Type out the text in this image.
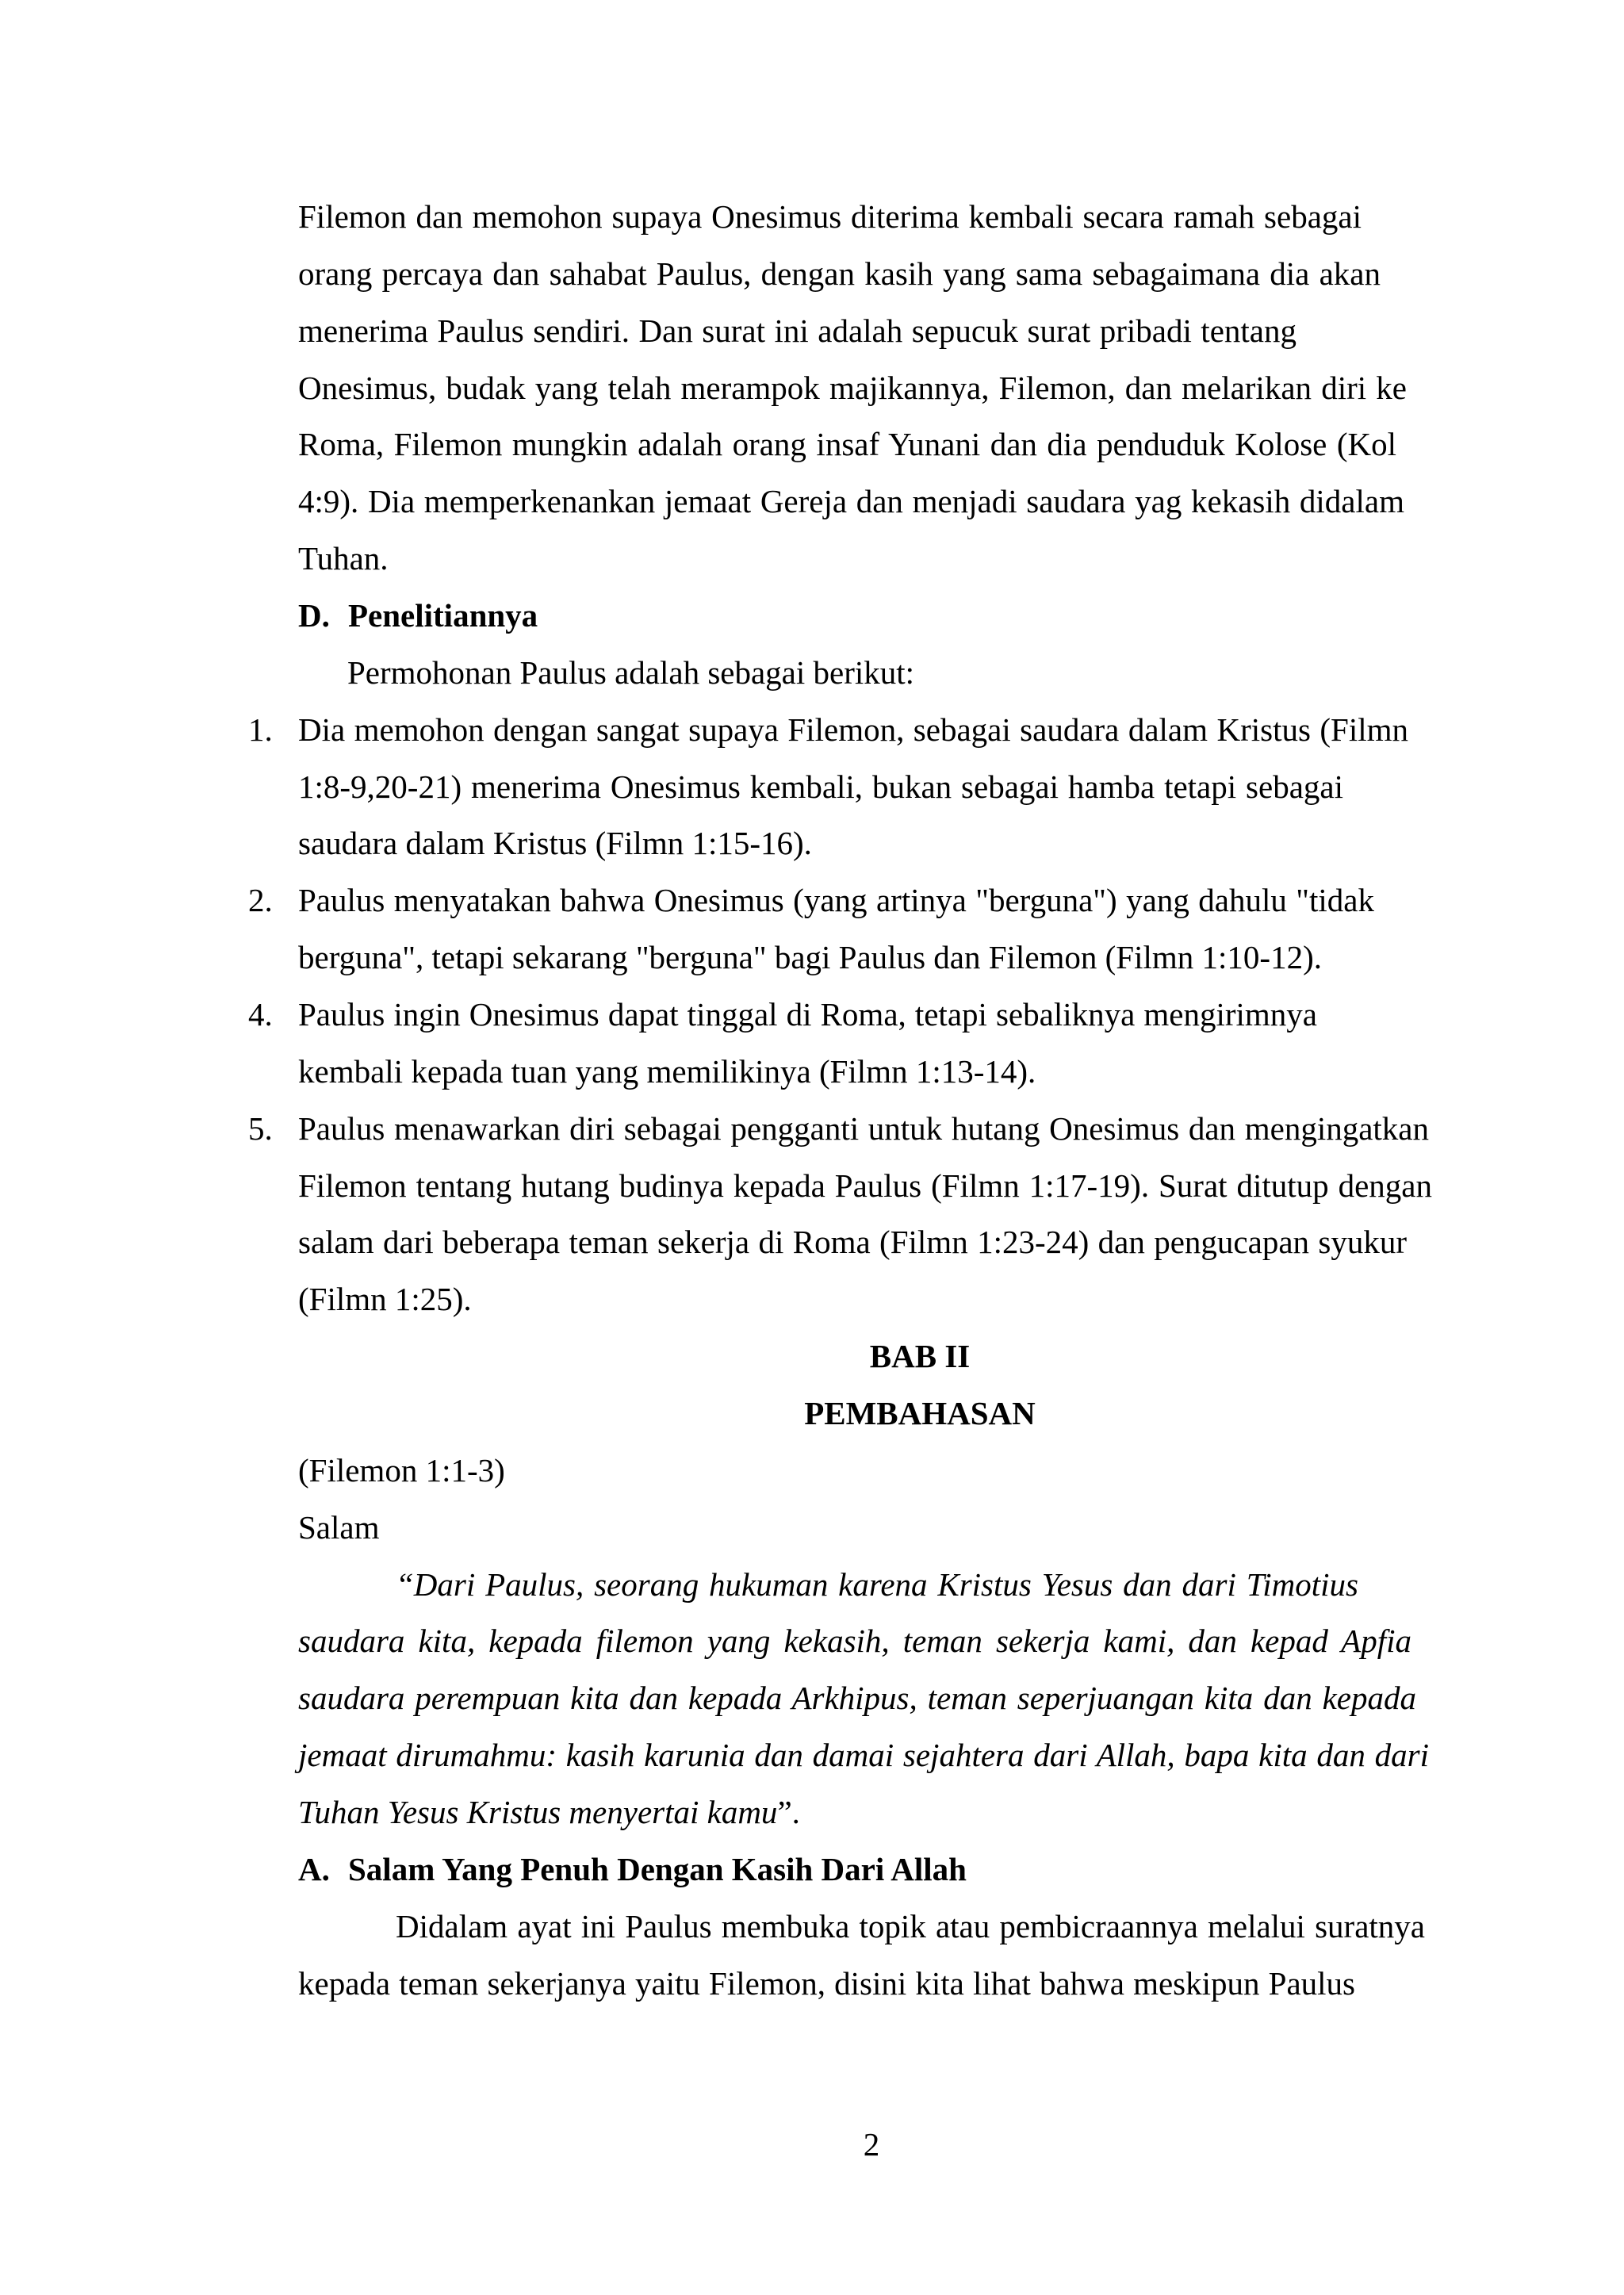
Filemon dan memohon supaya Onesimus diterima kembali secara ramah sebagai
orang percaya dan sahabat Paulus, dengan kasih yang sama sebagaimana dia akan
menerima Paulus sendiri. Dan surat ini adalah sepucuk surat pribadi tentang
Onesimus, budak yang telah merampok majikannya, Filemon, dan melarikan diri ke
Roma, Filemon mungkin adalah orang insaf Yunani dan dia penduduk Kolose (Kol
4:9). Dia memperkenankan jemaat Gereja dan menjadi saudara yag kekasih didalam
Tuhan.
D. Penelitiannya
Permohonan Paulus adalah sebagai berikut:
1. Dia memohon dengan sangat supaya Filemon, sebagai saudara dalam Kristus (Filmn
1:8-9,20-21) menerima Onesimus kembali, bukan sebagai hamba tetapi sebagai
saudara dalam Kristus (Filmn 1:15-16).
2. Paulus menyatakan bahwa Onesimus (yang artinya "berguna") yang dahulu "tidak
berguna", tetapi sekarang "berguna" bagi Paulus dan Filemon (Filmn 1:10-12).
4. Paulus ingin Onesimus dapat tinggal di Roma, tetapi sebaliknya mengirimnya
kembali kepada tuan yang memilikinya (Filmn 1:13-14).
5. Paulus menawarkan diri sebagai pengganti untuk hutang Onesimus dan mengingatkan
Filemon tentang hutang budinya kepada Paulus (Filmn 1:17-19). Surat ditutup dengan
salam dari beberapa teman sekerja di Roma (Filmn 1:23-24) dan pengucapan syukur
(Filmn 1:25).
BAB II
PEMBAHASAN
(Filemon 1:1-3)
Salam
“Dari Paulus, seorang hukuman karena Kristus Yesus dan dari Timotius
saudara kita, kepada filemon yang kekasih, teman sekerja kami, dan kepad Apfia
saudara perempuan kita dan kepada Arkhipus, teman seperjuangan kita dan kepada
jemaat dirumahmu: kasih karunia dan damai sejahtera dari Allah, bapa kita dan dari
Tuhan Yesus Kristus menyertai kamu”.
A. Salam Yang Penuh Dengan Kasih Dari Allah
Didalam ayat ini Paulus membuka topik atau pembicraannya melalui suratnya
kepada teman sekerjanya yaitu Filemon, disini kita lihat bahwa meskipun Paulus
2
